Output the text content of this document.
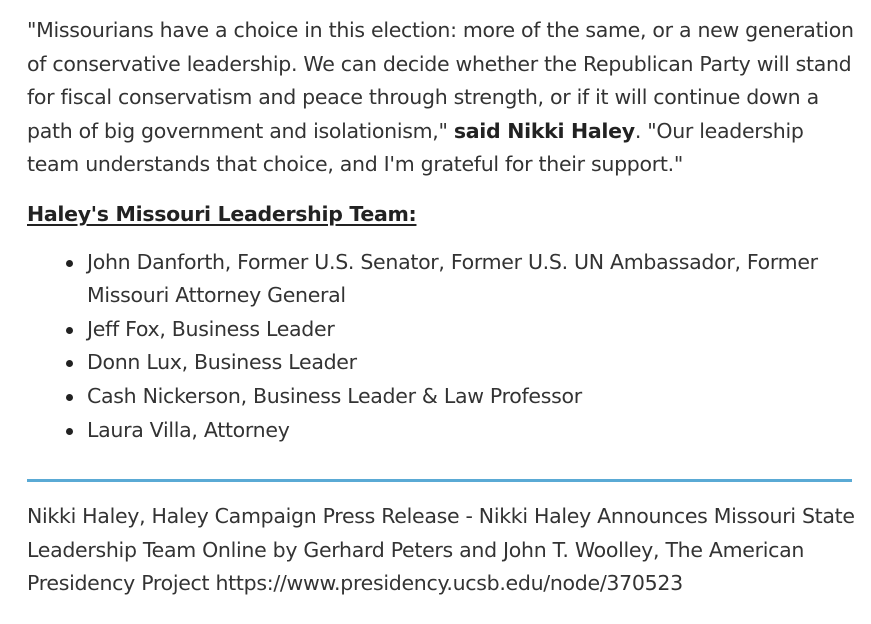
"Missourians have a choice in this election: more of the same, or a new generation of conservative leadership. We can decide whether the Republican Party will stand for fiscal conservatism and peace through strength, or if it will continue down a path of big government and isolationism," said Nikki Haley. "Our leadership team understands that choice, and I'm grateful for their support."

Haley's Missouri Leadership Team:

John Danforth, Former U.S. Senator, Former U.S. UN Ambassador, Former Missouri Attorney General
Jeff Fox, Business Leader
Donn Lux, Business Leader
Cash Nickerson, Business Leader & Law Professor
Laura Villa, Attorney

Nikki Haley, Haley Campaign Press Release - Nikki Haley Announces Missouri State Leadership Team Online by Gerhard Peters and John T. Woolley, The American Presidency Project https://www.presidency.ucsb.edu/node/370523
